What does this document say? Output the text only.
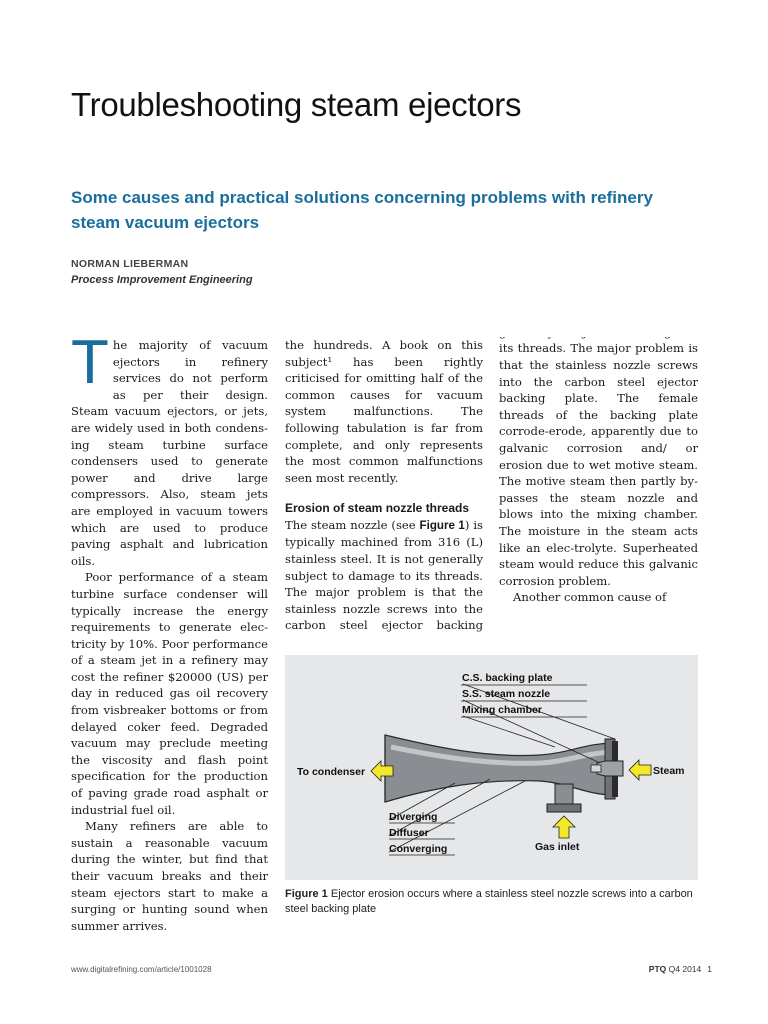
Troubleshooting steam ejectors

Some causes and practical solutions concerning problems with refinery steam vacuum ejectors

NORMAN LIEBERMAN
Process Improvement Engineering

The majority of vacuum ejectors in refinery services do not perform as per their design. Steam vacuum ejectors, or jets, are widely used in both condens-ing steam turbine surface condensers used to generate power and drive large compressors. Also, steam jets are employed in vacuum towers which are used to produce paving asphalt and lubrication oils.

Poor performance of a steam turbine surface condenser will typically increase the energy requirements to generate elec-tricity by 10%. Poor performance of a steam jet in a refinery may cost the refiner $20000 (US) per day in reduced gas oil recovery from visbreaker bottoms or from delayed coker feed. Degraded vacuum may preclude meeting the viscosity and flash point specification for the production of paving grade road asphalt or industrial fuel oil.

Many refiners are able to sustain a reasonable vacuum during the winter, but find that their vacuum breaks and their steam ejectors start to make a surging or hunting sound when summer arrives.

the hundreds. A book on this subject¹ has been rightly criticised for omitting half of the common causes for vacuum system malfunctions. The following tabulation is far from complete, and only represents the most common malfunctions seen most recently.

Erosion of steam nozzle threads

The steam nozzle (see Figure 1) is typically machined from 316 (L) stainless steel. It is not generally subject to damage to its threads. The major problem is that the stainless nozzle screws into the carbon steel ejector backing

its threads. The major problem is that the stainless nozzle screws into the carbon steel ejector backing plate. The female threads of the backing plate corrode-erode, apparently due to galvanic corrosion and/ or erosion due to wet motive steam. The motive steam then partly by-passes the steam nozzle and blows into the mixing chamber. The moisture in the steam acts like an elec-trolyte. Superheated steam would reduce this galvanic corrosion problem.

Another common cause of

C.S. backing plate
S.S. steam nozzle
Mixing chamber
To condenser	Steam
Diverging
Diffuser
Converging	Gas inlet
Figure 1 Ejector erosion occurs where a stainless steel nozzle screws into a carbon steel backing plate
www.digitalrefining.com/article/1001028	PTQ Q4 2014 1
